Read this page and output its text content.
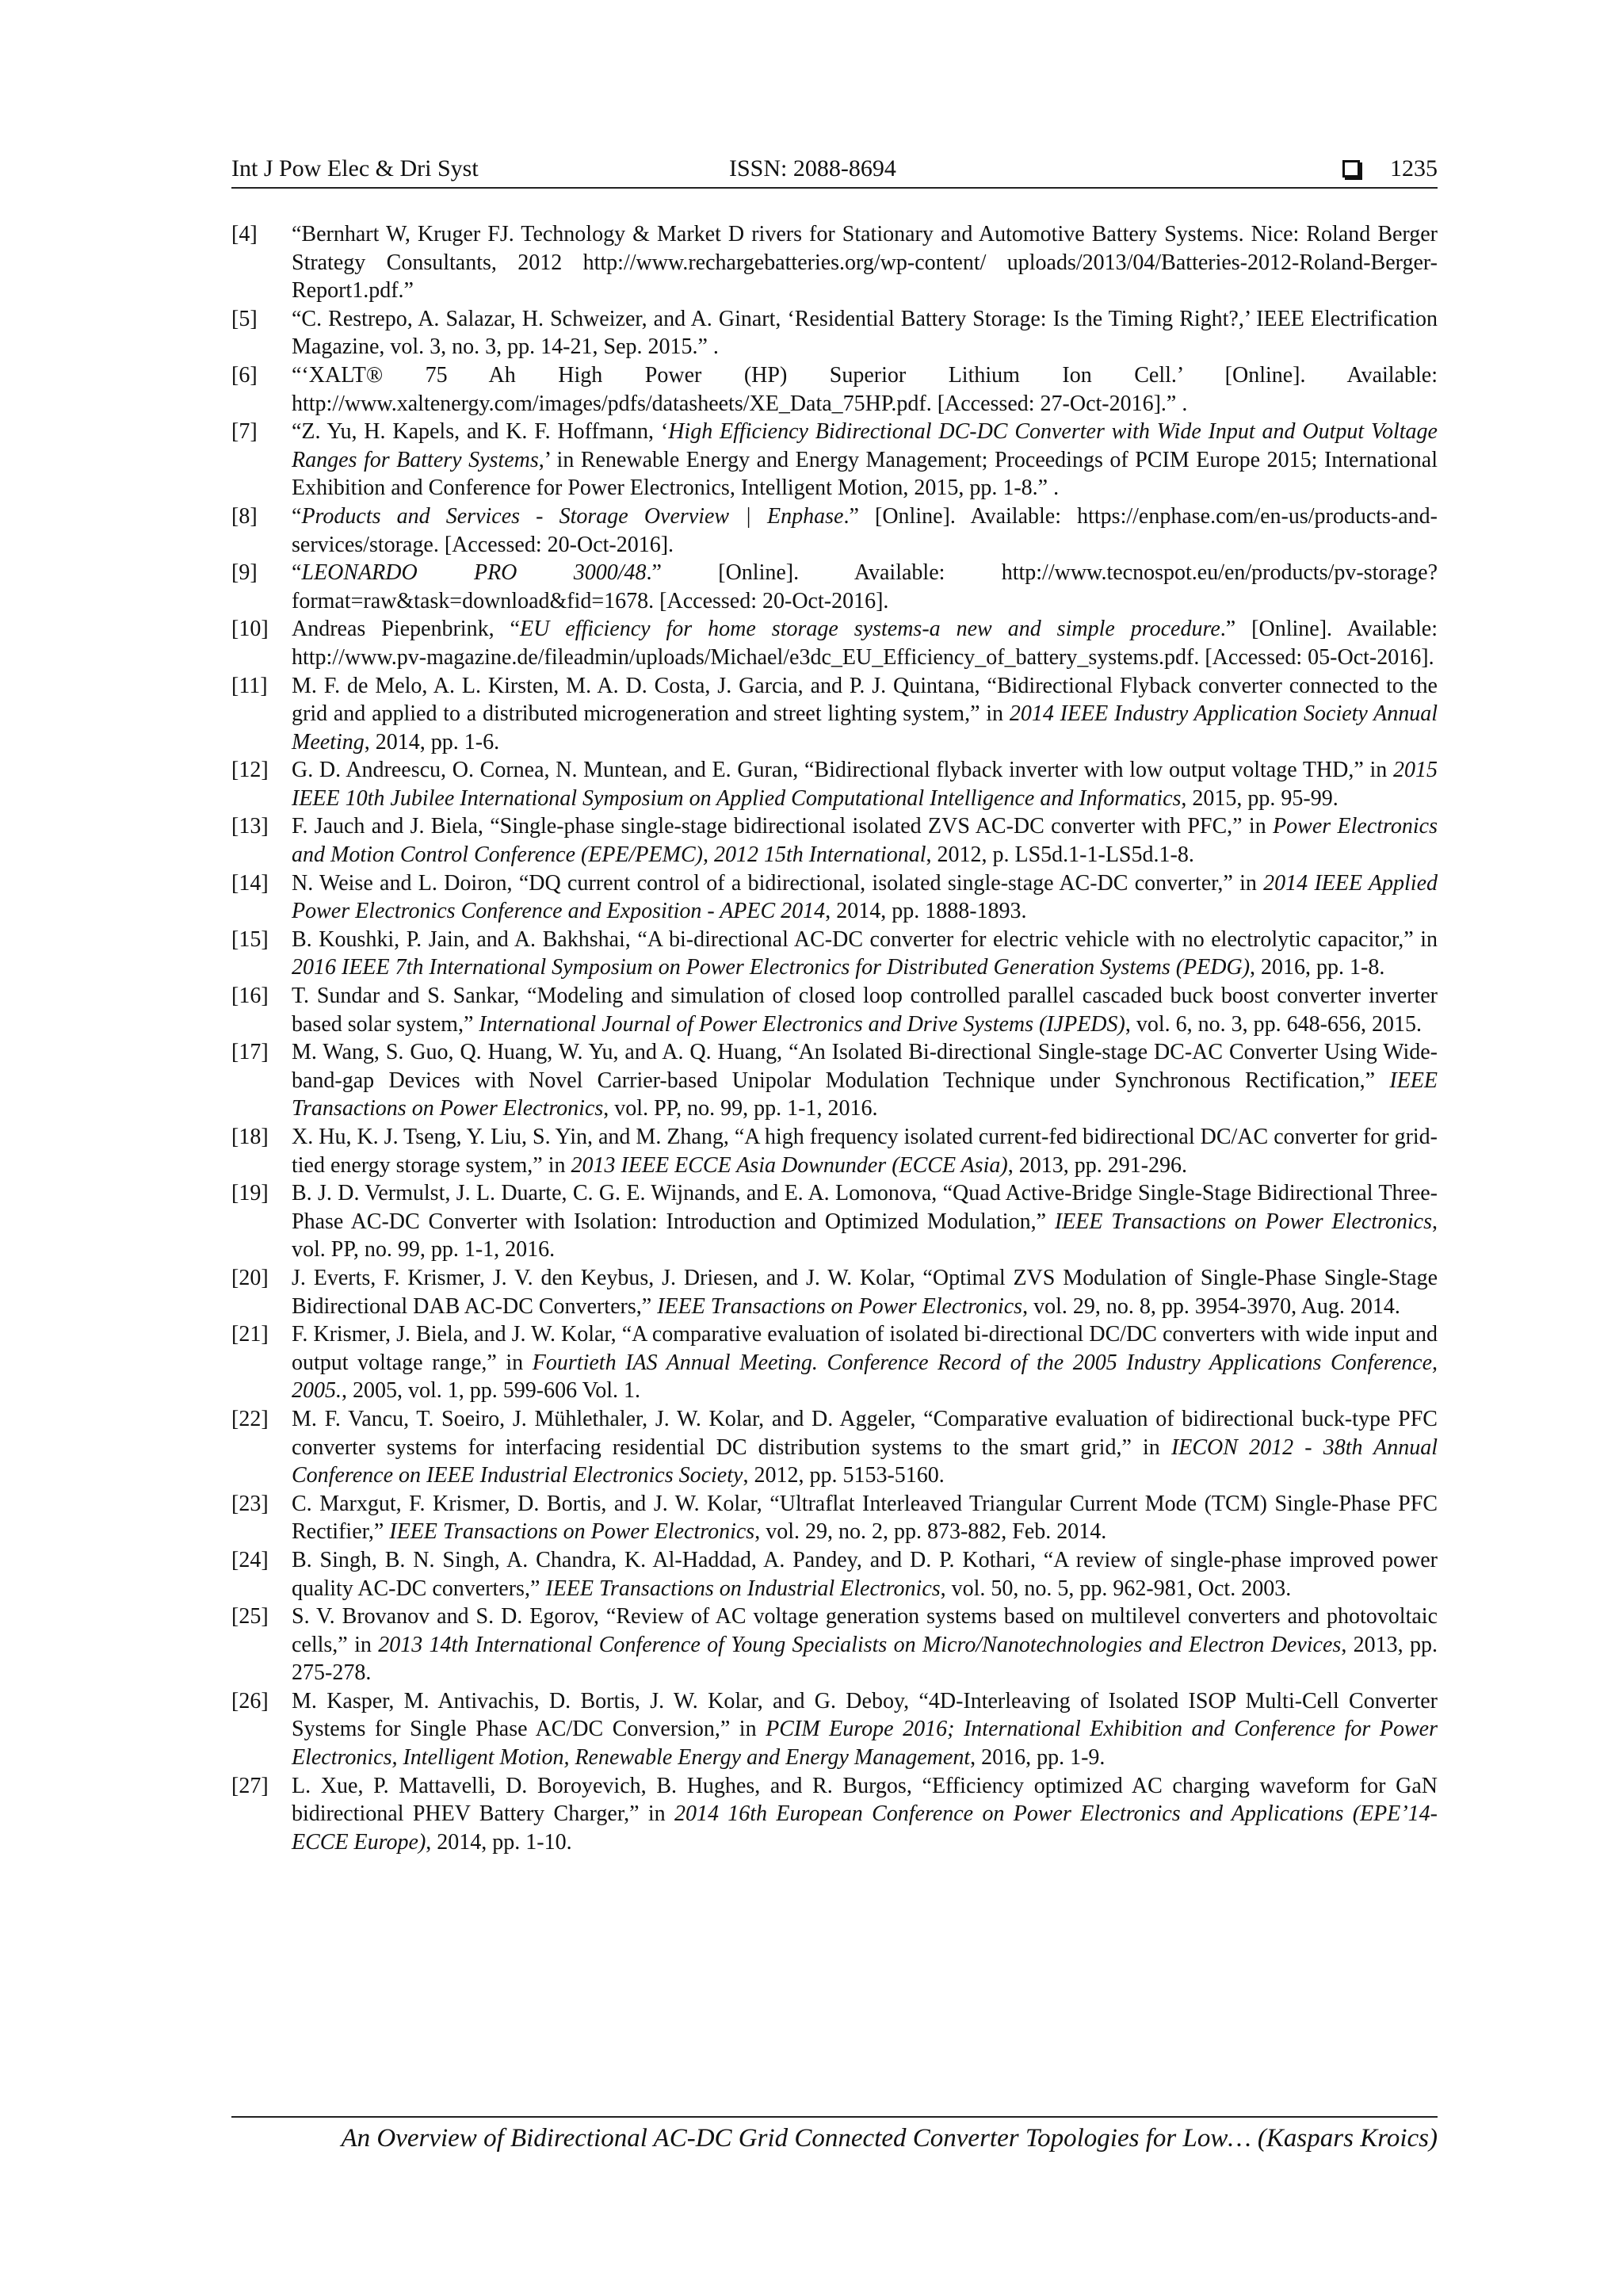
Int J Pow Elec & Dri Syst	ISSN: 2088-8694	1235
[4]	“Bernhart W, Kruger FJ. Technology & Market D rivers for Stationary and Automotive Battery Systems. Nice: Roland Berger Strategy Consultants, 2012 http://www.rechargebatteries.org/wp-content/ uploads/2013/04/Batteries-2012-Roland-Berger-Report1.pdf.”
[5]	“C. Restrepo, A. Salazar, H. Schweizer, and A. Ginart, ‘Residential Battery Storage: Is the Timing Right?,’ IEEE Electrification Magazine, vol. 3, no. 3, pp. 14-21, Sep. 2015.” .
[6]	“‘XALT® 75 Ah High Power (HP) Superior Lithium Ion Cell.’ [Online]. Available: http://www.xaltenergy.com/images/pdfs/datasheets/XE_Data_75HP.pdf. [Accessed: 27-Oct-2016].” .
[7]	“Z. Yu, H. Kapels, and K. F. Hoffmann, ‘High Efficiency Bidirectional DC-DC Converter with Wide Input and Output Voltage Ranges for Battery Systems,’ in Renewable Energy and Energy Management; Proceedings of PCIM Europe 2015; International Exhibition and Conference for Power Electronics, Intelligent Motion, 2015, pp. 1-8.” .
[8]	“Products and Services - Storage Overview | Enphase.” [Online]. Available: https://enphase.com/en-us/products-and-services/storage. [Accessed: 20-Oct-2016].
[9]	“LEONARDO PRO 3000/48.” [Online]. Available: http://www.tecnospot.eu/en/products/pv-storage?format=raw&task=download&fid=1678. [Accessed: 20-Oct-2016].
[10]	Andreas Piepenbrink, “EU efficiency for home storage systems-a new and simple procedure.” [Online]. Available: http://www.pv-magazine.de/fileadmin/uploads/Michael/e3dc_EU_Efficiency_of_battery_systems.pdf. [Accessed: 05-Oct-2016].
[11]	M. F. de Melo, A. L. Kirsten, M. A. D. Costa, J. Garcia, and P. J. Quintana, “Bidirectional Flyback converter connected to the grid and applied to a distributed microgeneration and street lighting system,” in 2014 IEEE Industry Application Society Annual Meeting, 2014, pp. 1-6.
[12]	G. D. Andreescu, O. Cornea, N. Muntean, and E. Guran, “Bidirectional flyback inverter with low output voltage THD,” in 2015 IEEE 10th Jubilee International Symposium on Applied Computational Intelligence and Informatics, 2015, pp. 95-99.
[13]	F. Jauch and J. Biela, “Single-phase single-stage bidirectional isolated ZVS AC-DC converter with PFC,” in Power Electronics and Motion Control Conference (EPE/PEMC), 2012 15th International, 2012, p. LS5d.1-1-LS5d.1-8.
[14]	N. Weise and L. Doiron, “DQ current control of a bidirectional, isolated single-stage AC-DC converter,” in 2014 IEEE Applied Power Electronics Conference and Exposition - APEC 2014, 2014, pp. 1888-1893.
[15]	B. Koushki, P. Jain, and A. Bakhshai, “A bi-directional AC-DC converter for electric vehicle with no electrolytic capacitor,” in 2016 IEEE 7th International Symposium on Power Electronics for Distributed Generation Systems (PEDG), 2016, pp. 1-8.
[16]	T. Sundar and S. Sankar, “Modeling and simulation of closed loop controlled parallel cascaded buck boost converter inverter based solar system,” International Journal of Power Electronics and Drive Systems (IJPEDS), vol. 6, no. 3, pp. 648-656, 2015.
[17]	M. Wang, S. Guo, Q. Huang, W. Yu, and A. Q. Huang, “An Isolated Bi-directional Single-stage DC-AC Converter Using Wide-band-gap Devices with Novel Carrier-based Unipolar Modulation Technique under Synchronous Rectification,” IEEE Transactions on Power Electronics, vol. PP, no. 99, pp. 1-1, 2016.
[18]	X. Hu, K. J. Tseng, Y. Liu, S. Yin, and M. Zhang, “A high frequency isolated current-fed bidirectional DC/AC converter for grid-tied energy storage system,” in 2013 IEEE ECCE Asia Downunder (ECCE Asia), 2013, pp. 291-296.
[19]	B. J. D. Vermulst, J. L. Duarte, C. G. E. Wijnands, and E. A. Lomonova, “Quad Active-Bridge Single-Stage Bidirectional Three-Phase AC-DC Converter with Isolation: Introduction and Optimized Modulation,” IEEE Transactions on Power Electronics, vol. PP, no. 99, pp. 1-1, 2016.
[20]	J. Everts, F. Krismer, J. V. den Keybus, J. Driesen, and J. W. Kolar, “Optimal ZVS Modulation of Single-Phase Single-Stage Bidirectional DAB AC-DC Converters,” IEEE Transactions on Power Electronics, vol. 29, no. 8, pp. 3954-3970, Aug. 2014.
[21]	F. Krismer, J. Biela, and J. W. Kolar, “A comparative evaluation of isolated bi-directional DC/DC converters with wide input and output voltage range,” in Fourtieth IAS Annual Meeting. Conference Record of the 2005 Industry Applications Conference, 2005., 2005, vol. 1, pp. 599-606 Vol. 1.
[22]	M. F. Vancu, T. Soeiro, J. Mühlethaler, J. W. Kolar, and D. Aggeler, “Comparative evaluation of bidirectional buck-type PFC converter systems for interfacing residential DC distribution systems to the smart grid,” in IECON 2012 - 38th Annual Conference on IEEE Industrial Electronics Society, 2012, pp. 5153-5160.
[23]	C. Marxgut, F. Krismer, D. Bortis, and J. W. Kolar, “Ultraflat Interleaved Triangular Current Mode (TCM) Single-Phase PFC Rectifier,” IEEE Transactions on Power Electronics, vol. 29, no. 2, pp. 873-882, Feb. 2014.
[24]	B. Singh, B. N. Singh, A. Chandra, K. Al-Haddad, A. Pandey, and D. P. Kothari, “A review of single-phase improved power quality AC-DC converters,” IEEE Transactions on Industrial Electronics, vol. 50, no. 5, pp. 962-981, Oct. 2003.
[25]	S. V. Brovanov and S. D. Egorov, “Review of AC voltage generation systems based on multilevel converters and photovoltaic cells,” in 2013 14th International Conference of Young Specialists on Micro/Nanotechnologies and Electron Devices, 2013, pp. 275-278.
[26]	M. Kasper, M. Antivachis, D. Bortis, J. W. Kolar, and G. Deboy, “4D-Interleaving of Isolated ISOP Multi-Cell Converter Systems for Single Phase AC/DC Conversion,” in PCIM Europe 2016; International Exhibition and Conference for Power Electronics, Intelligent Motion, Renewable Energy and Energy Management, 2016, pp. 1-9.
[27]	L. Xue, P. Mattavelli, D. Boroyevich, B. Hughes, and R. Burgos, “Efficiency optimized AC charging waveform for GaN bidirectional PHEV Battery Charger,” in 2014 16th European Conference on Power Electronics and Applications (EPE’14-ECCE Europe), 2014, pp. 1-10.
An Overview of Bidirectional AC-DC Grid Connected Converter Topologies for Low… (Kaspars Kroics)
